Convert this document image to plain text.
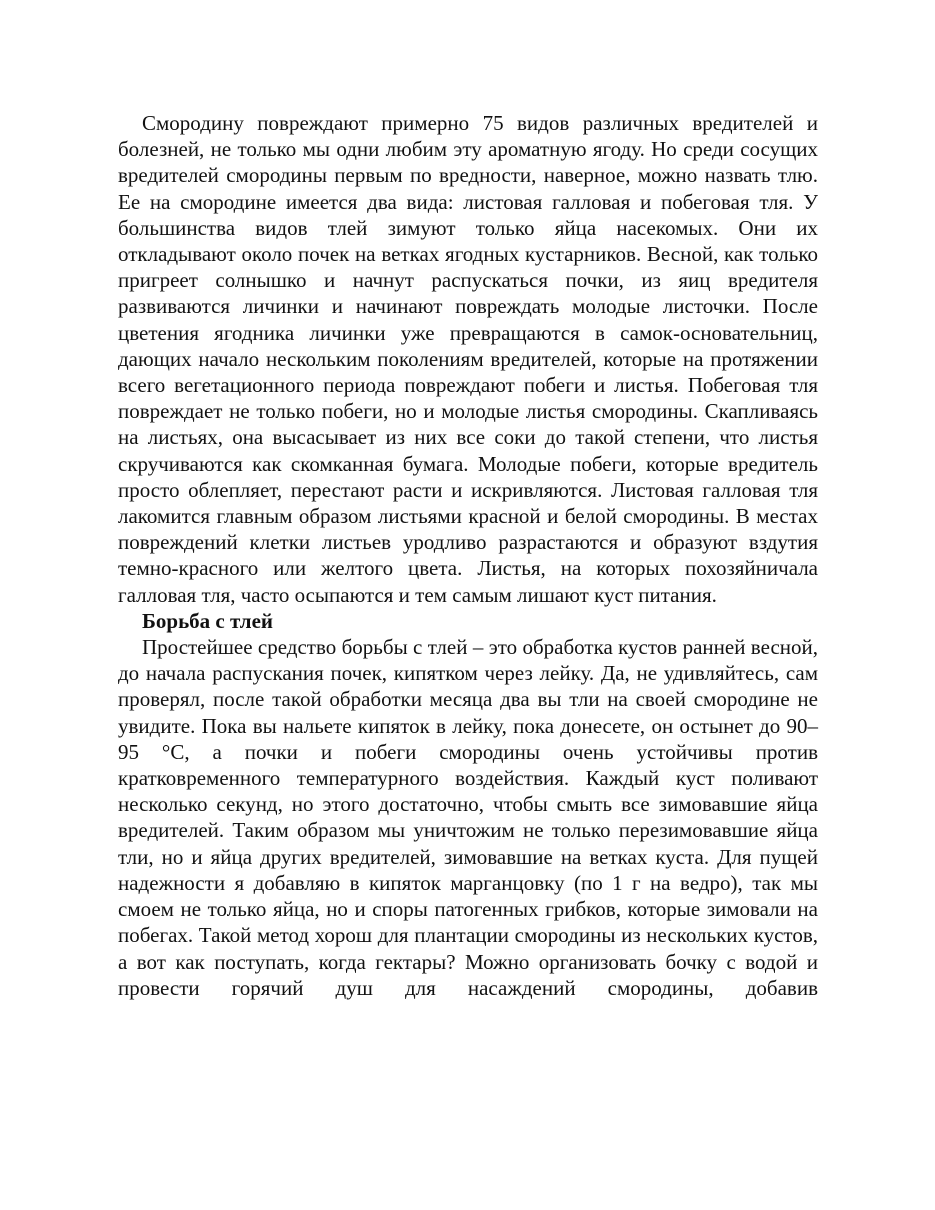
Смородину повреждают примерно 75 видов различных вредителей и болезней, не только мы одни любим эту ароматную ягоду. Но среди сосущих вредителей смородины первым по вредности, наверное, можно назвать тлю. Ее на смородине имеется два вида: листовая галловая и побеговая тля. У большинства видов тлей зимуют только яйца насекомых. Они их откладывают около почек на ветках ягодных кустарников. Весной, как только пригреет солнышко и начнут распускаться почки, из яиц вредителя развиваются личинки и начинают повреждать молодые листочки. После цветения ягодника личинки уже превращаются в самок-основательниц, дающих начало нескольким поколениям вредителей, которые на протяжении всего вегетационного периода повреждают побеги и листья. Побеговая тля повреждает не только побеги, но и молодые листья смородины. Скапливаясь на листьях, она высасывает из них все соки до такой степени, что листья скручиваются как скомканная бумага. Молодые побеги, которые вредитель просто облепляет, перестают расти и искривляются. Листовая галловая тля лакомится главным образом листьями красной и белой смородины. В местах повреждений клетки листьев уродливо разрастаются и образуют вздутия темно-красного или желтого цвета. Листья, на которых похозяйничала галловая тля, часто осыпаются и тем самым лишают куст питания.

Борьба с тлей

Простейшее средство борьбы с тлей – это обработка кустов ранней весной, до начала распускания почек, кипятком через лейку. Да, не удивляйтесь, сам проверял, после такой обработки месяца два вы тли на своей смородине не увидите. Пока вы нальете кипяток в лейку, пока донесете, он остынет до 90–95 °С, а почки и побеги смородины очень устойчивы против кратковременного температурного воздействия. Каждый куст поливают несколько секунд, но этого достаточно, чтобы смыть все зимовавшие яйца вредителей. Таким образом мы уничтожим не только перезимовавшие яйца тли, но и яйца других вредителей, зимовавшие на ветках куста. Для пущей надежности я добавляю в кипяток марганцовку (по 1 г на ведро), так мы смоем не только яйца, но и споры патогенных грибков, которые зимовали на побегах. Такой метод хорош для плантации смородины из нескольких кустов, а вот как поступать, когда гектары? Можно организовать бочку с водой и провести горячий душ для насаждений смородины, добавив
